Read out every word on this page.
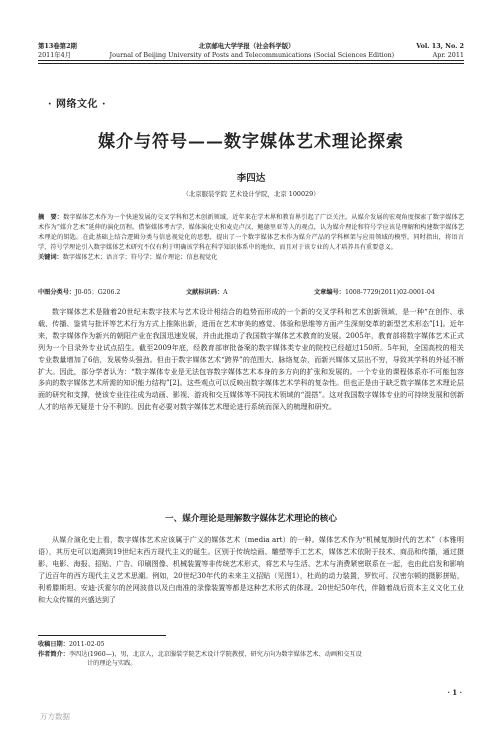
第13卷第2期	北京邮电大学学报（社会科学版）	Vol. 13, No. 2
2011年4月	Journal of Beijing University of Posts and Telecommunications (Social Sciences Edition)	Apr. 2011
· 网络文化 ·
媒介与符号——数字媒体艺术理论探索
李四达
（北京服装学院 艺术设计学院，北京 100029）
摘　要：数字媒体艺术作为一个快速发展的交叉学科和艺术创新领域，近年来在学术界和教育界引起了广泛关注。从媒介发展的宏观角度探索了数字媒体艺术作为“媒介艺术”延伸的演化历程。借鉴媒体考古学、媒体演化史和麦克卢汉、鲍德里亚等人的观点，认为媒介理论和符号学应该是理解和构建数字媒体艺术理论的钥匙。在此基础上结合逻辑分类与信息视觉化的思想，提出了一个数字媒体艺术作为媒介产品的学科框架与应用领域的模型。同时指出，将语言学、符号学理论引入数字媒体艺术研究不仅有利于明确该学科在科学知识体系中的地位，而且对于该专业的人才培养具有重要意义。
关键词：数字媒体艺术；语言学；符号学；媒介理论；信息视觉化
中图分类号：J0-05；G206.2	文献标识码：A	文章编号：1008-7729(2011)02-0001-04

数字媒体艺术是随着20世纪末数字技术与艺术设计相结合的趋势而形成的一个新的交叉学科和艺术创新领域，是一种“在创作、承载、传播、鉴赏与批评等艺术行为方式上推陈出新，进而在艺术审美的感觉、体验和思维等方面产生深刻变革的新型艺术形态”[1]。近年来，数字媒体作为新兴的朝阳产业在我国迅速发展，并由此推动了我国数字媒体艺术教育的发展。2005年，教育部将数字媒体艺术正式列为一个目录外专业试点招生。截至2009年底，经教育部审批备案的数字媒体类专业的院校已经超过150所。5年间，全国高校的相关专业数量增加了6倍，发展势头强劲。但由于数字媒体艺术“跨界”的范围大、脉络复杂，而新兴媒体又层出不穷，导致其学科的外延不断扩大。因此，部分学者认为：“数字媒体专业是无法包容数字媒体艺术本身的多方向的扩张和发展的。一个专业的课程体系亦不可能包容多向的数字媒体艺术所需的知识能力结构”[2]。这些观点可以反映出数字媒体艺术学科的复杂性。但也正是由于缺乏数字媒体艺术理论层面的研究和支撑，使该专业往往成为动画、影视、游戏和交互媒体等不同技术领域的“混搭”。这对我国数字媒体专业的可持续发展和创新人才的培养无疑是十分不利的。因此有必要对数字媒体艺术理论进行系统而深入的梳理和研究。

一、媒介理论是理解数字媒体艺术理论的核心

从媒介演化史上看，数字媒体艺术应该属于广义的媒体艺术（media art）的一种。媒体艺术作为“机械复制时代的艺术”（本雅明语），其历史可以追溯到19世纪末西方现代主义的诞生。区别于传统绘画、雕塑等手工艺术，媒体艺术依附于技术、商品和传播，通过摄影、电影、海报、招贴、广告、印刷图像、机械装置等非传统艺术形式，将艺术与生活、艺术与消费紧密联系在一起，也由此启发和影响了近百年的西方现代主义艺术思潮。例如，20世纪30年代的未来主义招贴（见图1），杜尚的动力装置，罗钦可、汉密尔顿的摄影拼贴，利希滕斯坦、安迪·沃霍尔的丝网波普以及白南准的录像装置等都是这种艺术形式的体现。20世纪50年代，伴随着战后资本主义文化工业和大众传媒的兴盛达到了

收稿日期：2011-02-05
作者简介：李四达(1960—)，男，北京人，北京服装学院艺术设计学院教授，研究方向为数字媒体艺术、动画和交互设
计的理论与实践。
· 1 ·
万方数据
